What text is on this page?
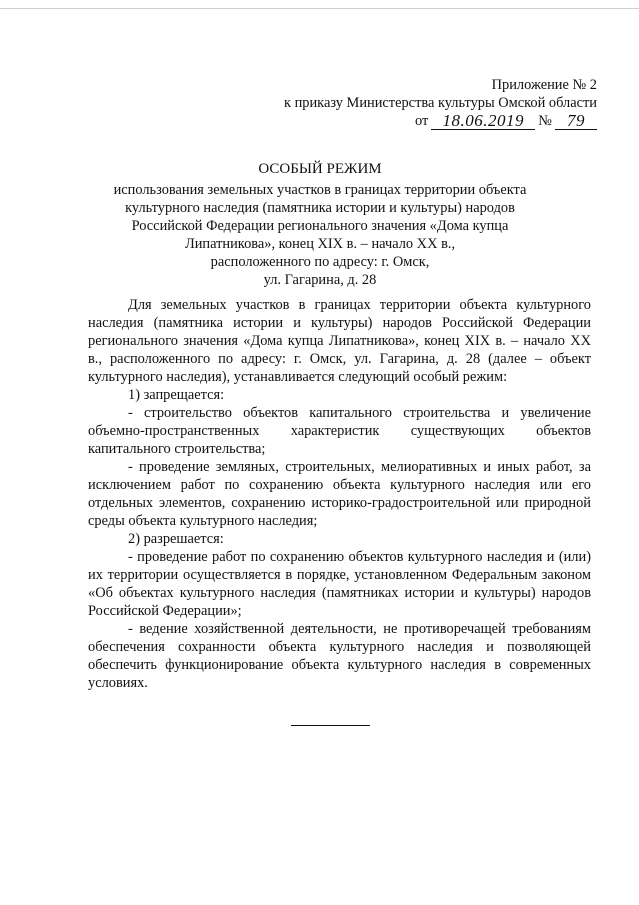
Приложение № 2
к приказу Министерства культуры Омской области
от 18.06.2019 № 79
ОСОБЫЙ РЕЖИМ
использования земельных участков в границах территории объекта
культурного наследия (памятника истории и культуры) народов
Российской Федерации регионального значения «Дома купца
Липатникова», конец XIX в. – начало XX в.,
расположенного по адресу: г. Омск,
ул. Гагарина, д. 28

Для земельных участков в границах территории объекта культурного наследия (памятника истории и культуры) народов Российской Федерации регионального значения «Дома купца Липатникова», конец XIX в. – начало XX в., расположенного по адресу: г. Омск, ул. Гагарина, д. 28 (далее – объект культурного наследия), устанавливается следующий особый режим:

1) запрещается:

- строительство объектов капитального строительства и увеличение объемно-пространственных характеристик существующих объектов капитального строительства;

- проведение земляных, строительных, мелиоративных и иных работ, за исключением работ по сохранению объекта культурного наследия или его отдельных элементов, сохранению историко-градостроительной или природной среды объекта культурного наследия;

2) разрешается:

- проведение работ по сохранению объектов культурного наследия и (или) их территории осуществляется в порядке, установленном Федеральным законом «Об объектах культурного наследия (памятниках истории и культуры) народов Российской Федерации»;

- ведение хозяйственной деятельности, не противоречащей требованиям обеспечения сохранности объекта культурного наследия и позволяющей обеспечить функционирование объекта культурного наследия в современных условиях.
